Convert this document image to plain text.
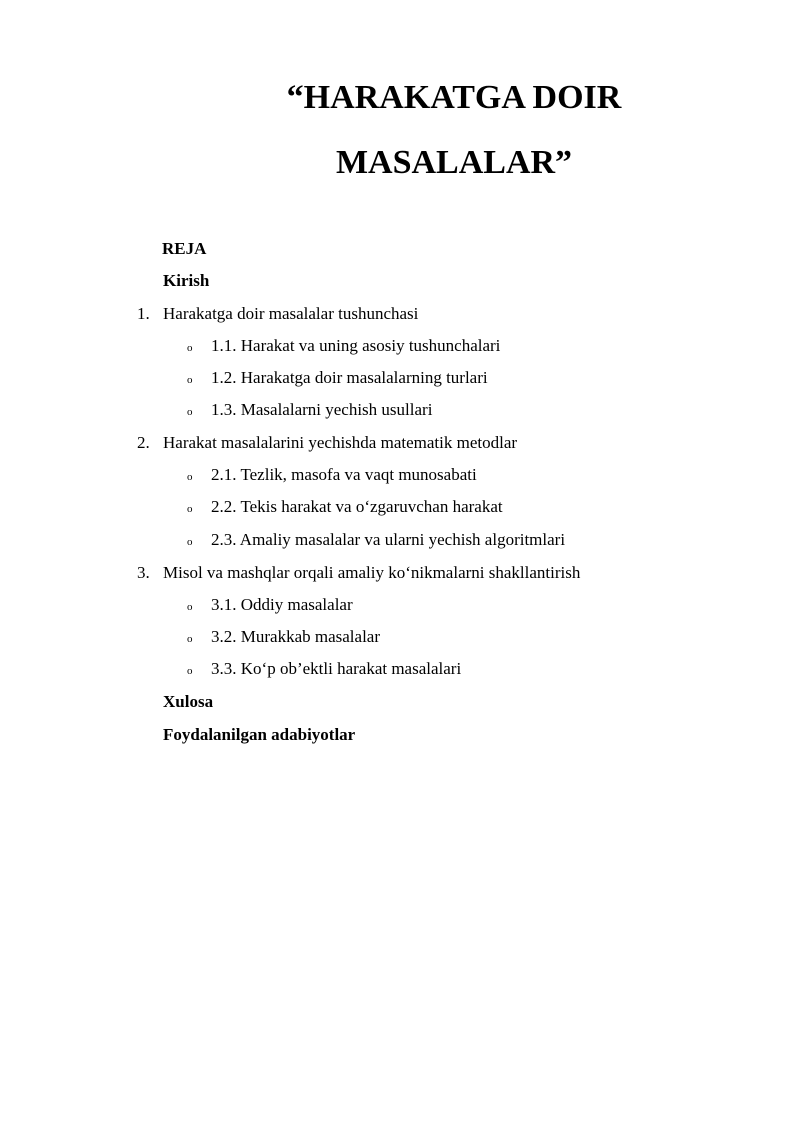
“HARAKATGA DOIR
MASALALAR”
REJA
Kirish
1. Harakatga doir masalalar tushunchasi
o 1.1. Harakat va uning asosiy tushunchalari
o 1.2. Harakatga doir masalalarning turlari
o 1.3. Masalalarni yechish usullari
2. Harakat masalalarini yechishda matematik metodlar
o 2.1. Tezlik, masofa va vaqt munosabati
o 2.2. Tekis harakat va o‘zgaruvchan harakat
o 2.3. Amaliy masalalar va ularni yechish algoritmlari
3. Misol va mashqlar orqali amaliy ko‘nikmalarni shakllantirish
o 3.1. Oddiy masalalar
o 3.2. Murakkab masalalar
o 3.3. Ko‘p ob’ektli harakat masalalari
Xulosa
Foydalanilgan adabiyotlar
